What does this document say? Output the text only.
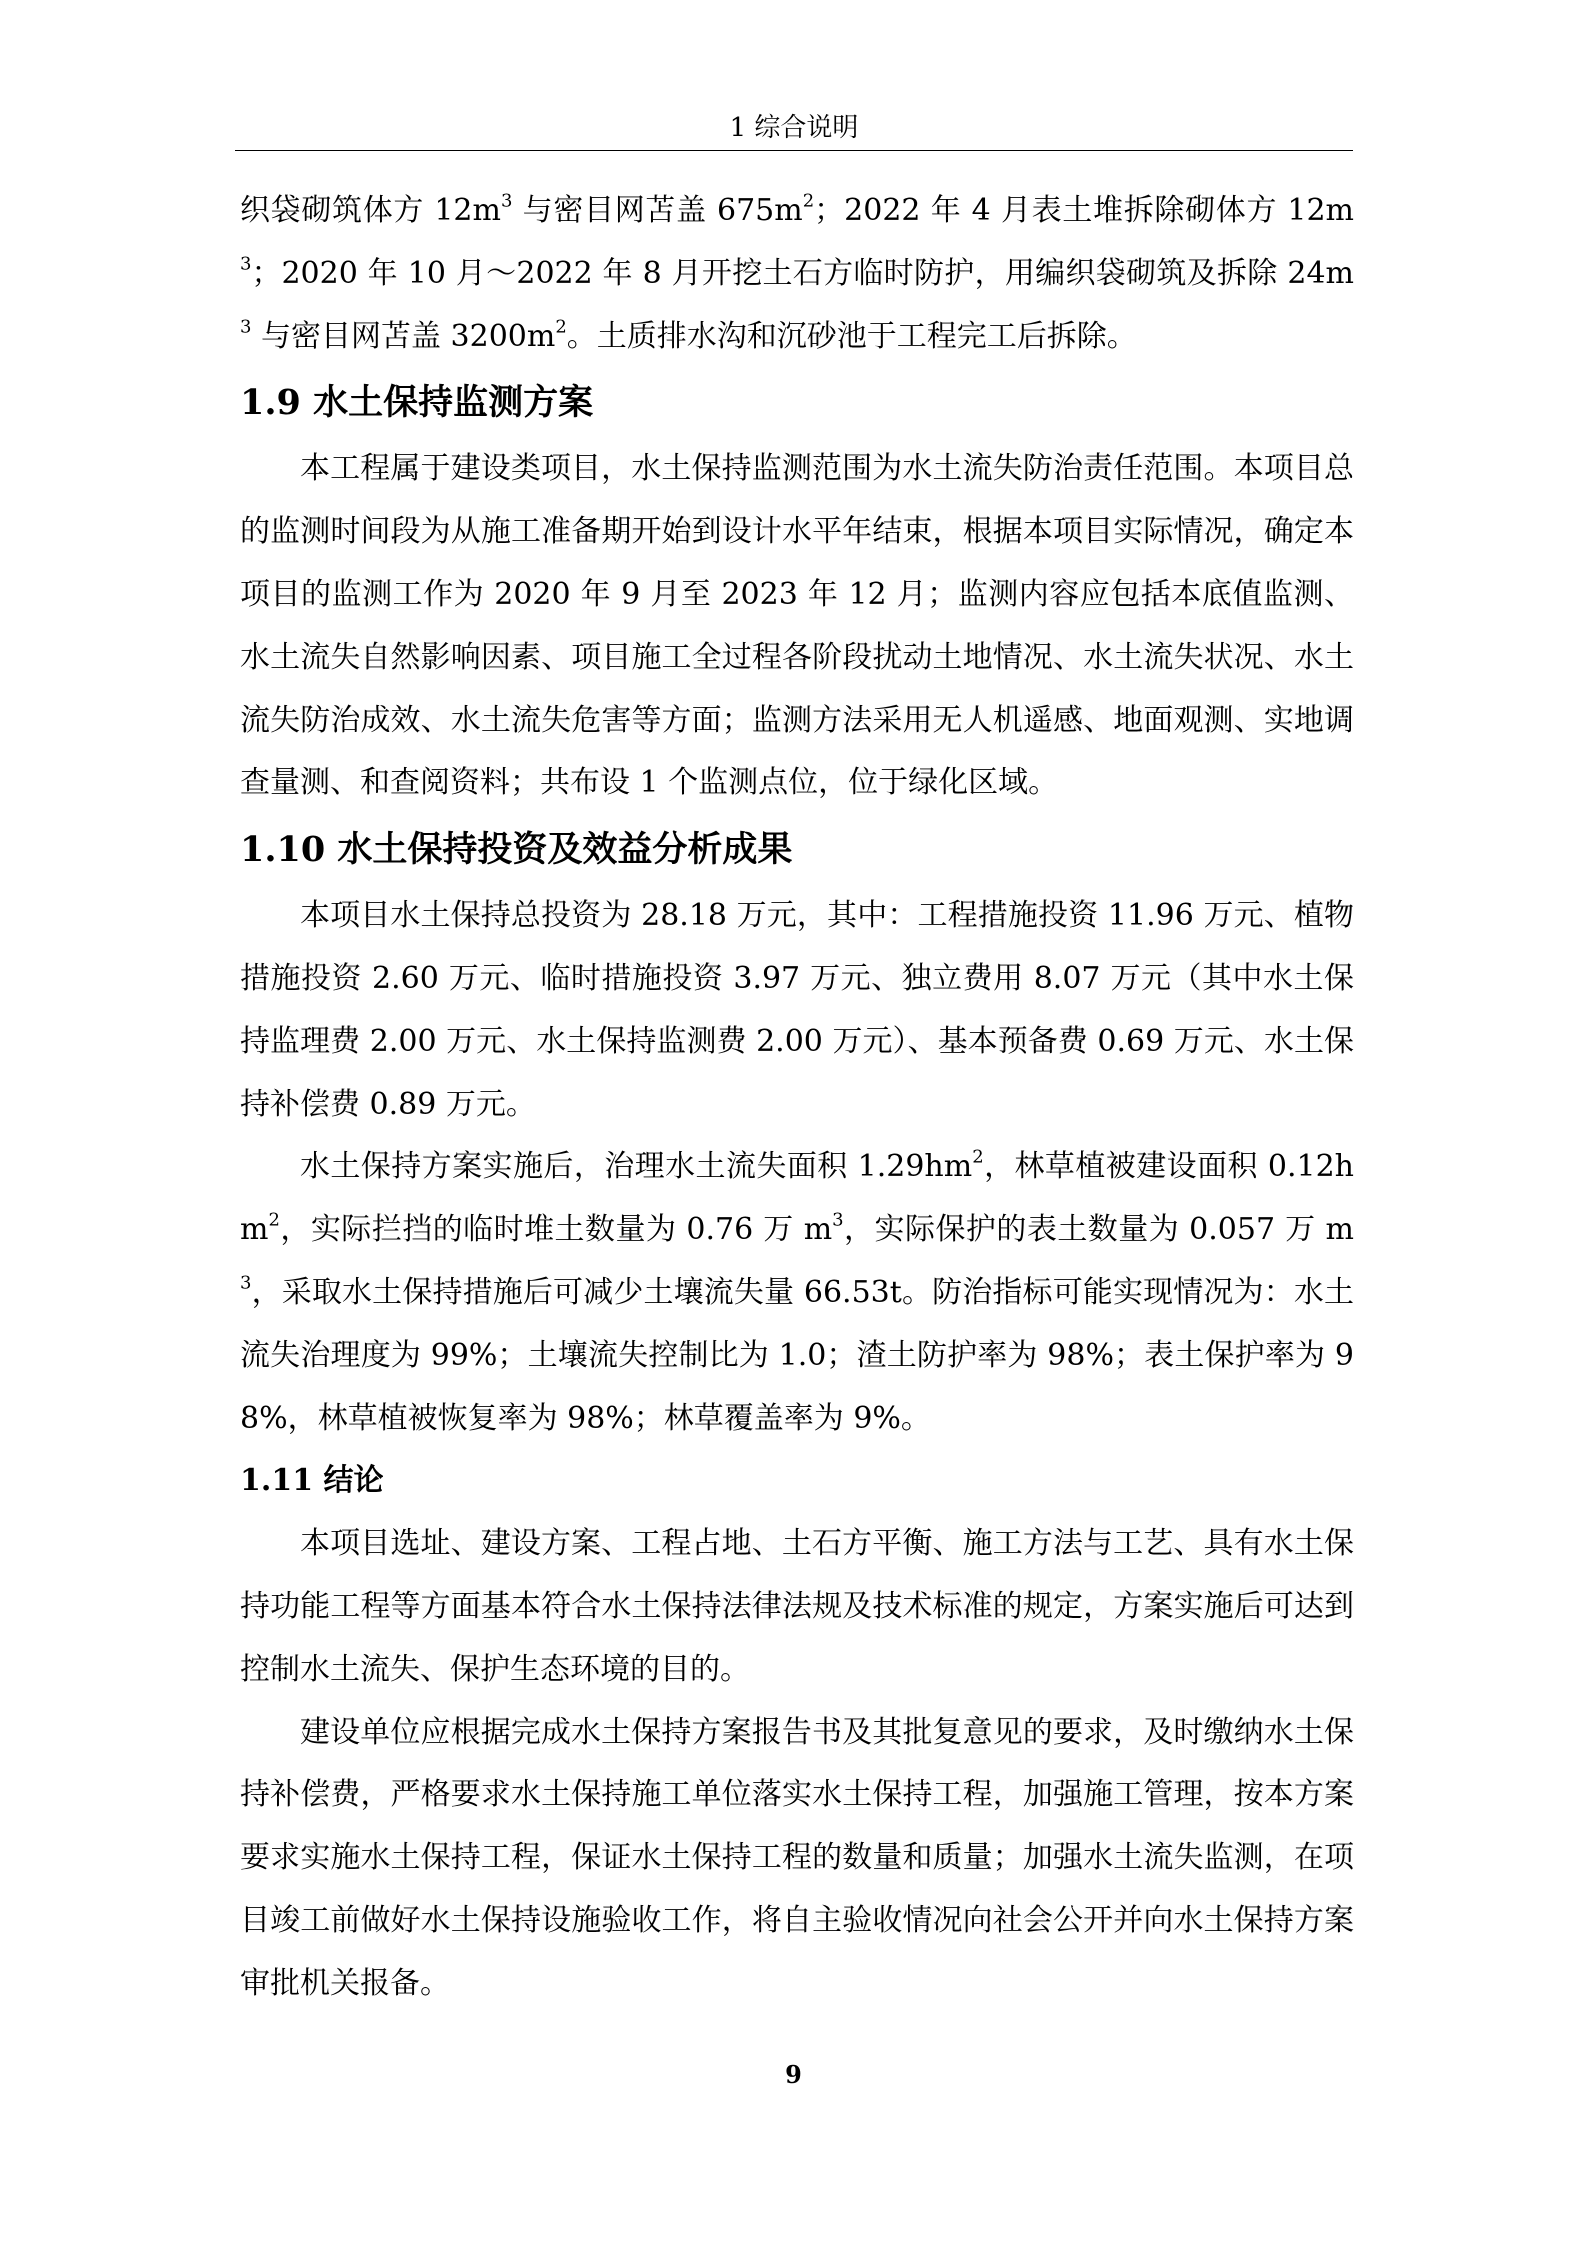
1 综合说明

织袋砌筑体方 $12m^3$ 与密目网苫盖 $675m^2$；2022 年 4 月表土堆拆除砌体方 $12m^3$；2020 年 10 月～2022 年 8 月开挖土石方临时防护，用编织袋砌筑及拆除 $24m^3$ 与密目网苫盖 $3200m^2$。土质排水沟和沉砂池于工程完工后拆除。

1.9 水土保持监测方案

本工程属于建设类项目，水土保持监测范围为水土流失防治责任范围。本项目总的监测时间段为从施工准备期开始到设计水平年结束，根据本项目实际情况，确定本项目的监测工作为 2020 年 9 月至 2023 年 12 月；监测内容应包括本底值监测、水土流失自然影响因素、项目施工全过程各阶段扰动土地情况、水土流失状况、水土流失防治成效、水土流失危害等方面；监测方法采用无人机遥感、地面观测、实地调查量测、和查阅资料；共布设 1 个监测点位，位于绿化区域。

1.10 水土保持投资及效益分析成果

本项目水土保持总投资为 28.18 万元，其中：工程措施投资 11.96 万元、植物措施投资 2.60 万元、临时措施投资 3.97 万元、独立费用 8.07 万元（其中水土保持监理费 2.00 万元、水土保持监测费 2.00 万元）、基本预备费 0.69 万元、水土保持补偿费 0.89 万元。

水土保持方案实施后，治理水土流失面积 $1.29hm^2$，林草植被建设面积 $0.12hm^2$，实际拦挡的临时堆土数量为 0.76 万 $m^3$，实际保护的表土数量为 0.057 万 $m^3$，采取水土保持措施后可减少土壤流失量 66.53t。防治指标可能实现情况为：水土流失治理度为 99%；土壤流失控制比为 1.0；渣土防护率为 98%；表土保护率为 98%，林草植被恢复率为 98%；林草覆盖率为 9%。

1.11 结论

本项目选址、建设方案、工程占地、土石方平衡、施工方法与工艺、具有水土保持功能工程等方面基本符合水土保持法律法规及技术标准的规定，方案实施后可达到控制水土流失、保护生态环境的目的。

建设单位应根据完成水土保持方案报告书及其批复意见的要求，及时缴纳水土保持补偿费，严格要求水土保持施工单位落实水土保持工程，加强施工管理，按本方案要求实施水土保持工程，保证水土保持工程的数量和质量；加强水土流失监测，在项目竣工前做好水土保持设施验收工作，将自主验收情况向社会公开并向水土保持方案审批机关报备。

9
